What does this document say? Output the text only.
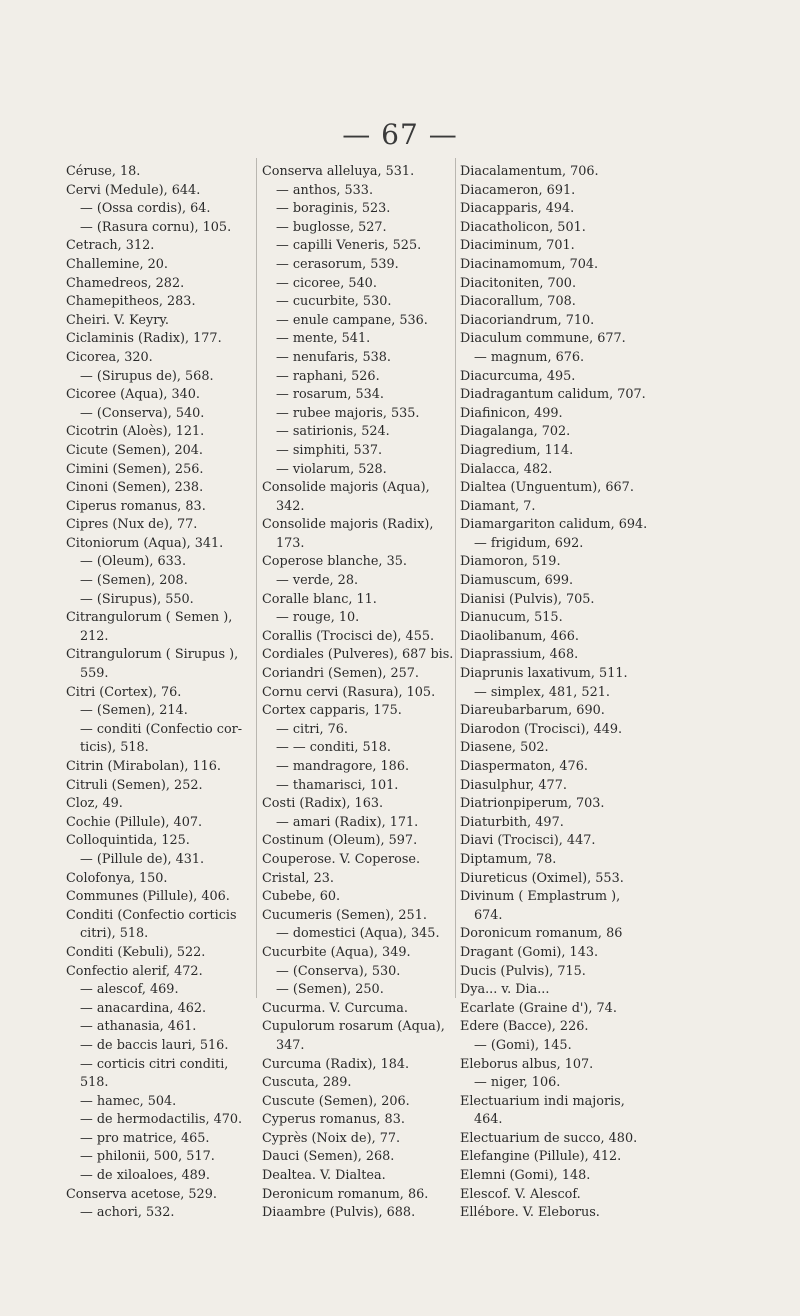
— 67 —
Céruse, 18.
Cervi (Medule), 644.
— (Ossa cordis), 64.
— (Rasura cornu), 105.
Cetrach, 312.
Challemine, 20.
Chamedreos, 282.
Chamepitheos, 283.
Cheiri. V. Keyry.
Ciclaminis (Radix), 177.
Cicorea, 320.
— (Sirupus de), 568.
Cicoree (Aqua), 340.
— (Conserva), 540.
Cicotrin (Aloès), 121.
Cicute (Semen), 204.
Cimini (Semen), 256.
Cinoni (Semen), 238.
Ciperus romanus, 83.
Cipres (Nux de), 77.
Citoniorum (Aqua), 341.
— (Oleum), 633.
— (Semen), 208.
— (Sirupus), 550.
Citrangulorum ( Semen ),
212.
Citrangulorum ( Sirupus ),
559.
Citri (Cortex), 76.
— (Semen), 214.
— conditi (Confectio cor-
ticis), 518.
Citrin (Mirabolan), 116.
Citruli (Semen), 252.
Cloz, 49.
Cochie (Pillule), 407.
Colloquintida, 125.
— (Pillule de), 431.
Colofonya, 150.
Communes (Pillule), 406.
Conditi (Confectio corticis
citri), 518.
Conditi (Kebuli), 522.
Confectio alerif, 472.
— alescof, 469.
— anacardina, 462.
— athanasia, 461.
— de baccis lauri, 516.
— corticis citri conditi,
518.
— hamec, 504.
— de hermodactilis, 470.
— pro matrice, 465.
— philonii, 500, 517.
— de xiloaloes, 489.
Conserva acetose, 529.
— achori, 532.
Conserva alleluya, 531.
— anthos, 533.
— boraginis, 523.
— buglosse, 527.
— capilli Veneris, 525.
— cerasorum, 539.
— cicoree, 540.
— cucurbite, 530.
— enule campane, 536.
— mente, 541.
— nenufaris, 538.
— raphani, 526.
— rosarum, 534.
— rubee majoris, 535.
— satirionis, 524.
— simphiti, 537.
— violarum, 528.
Consolide majoris (Aqua),
342.
Consolide majoris (Radix),
173.
Coperose blanche, 35.
— verde, 28.
Coralle blanc, 11.
— rouge, 10.
Corallis (Trocisci de), 455.
Cordiales (Pulveres), 687 bis.
Coriandri (Semen), 257.
Cornu cervi (Rasura), 105.
Cortex capparis, 175.
— citri, 76.
— — conditi, 518.
— mandragore, 186.
— thamarisci, 101.
Costi (Radix), 163.
— amari (Radix), 171.
Costinum (Oleum), 597.
Couperose. V. Coperose.
Cristal, 23.
Cubebe, 60.
Cucumeris (Semen), 251.
— domestici (Aqua), 345.
Cucurbite (Aqua), 349.
— (Conserva), 530.
— (Semen), 250.
Cucurma. V. Curcuma.
Cupulorum rosarum (Aqua),
347.
Curcuma (Radix), 184.
Cuscuta, 289.
Cuscute (Semen), 206.
Cyperus romanus, 83.
Cyprès (Noix de), 77.
Dauci (Semen), 268.
Dealtea. V. Dialtea.
Deronicum romanum, 86.
Diaambre (Pulvis), 688.
Diacalamentum, 706.
Diacameron, 691.
Diacapparis, 494.
Diacatholicon, 501.
Diaciminum, 701.
Diacinamomum, 704.
Diacitoniten, 700.
Diacorallum, 708.
Diacoriandrum, 710.
Diaculum commune, 677.
— magnum, 676.
Diacurcuma, 495.
Diadragantum calidum, 707.
Diafinicon, 499.
Diagalanga, 702.
Diagredium, 114.
Dialacca, 482.
Dialtea (Unguentum), 667.
Diamant, 7.
Diamargariton calidum, 694.
— frigidum, 692.
Diamoron, 519.
Diamuscum, 699.
Dianisi (Pulvis), 705.
Dianucum, 515.
Diaolibanum, 466.
Diaprassium, 468.
Diaprunis laxativum, 511.
— simplex, 481, 521.
Diareubarbarum, 690.
Diarodon (Trocisci), 449.
Diasene, 502.
Diaspermaton, 476.
Diasulphur, 477.
Diatrionpiperum, 703.
Diaturbith, 497.
Diavi (Trocisci), 447.
Diptamum, 78.
Diureticus (Oximel), 553.
Divinum ( Emplastrum ),
674.
Doronicum romanum, 86
Dragant (Gomi), 143.
Ducis (Pulvis), 715.
Dya... v. Dia...
Ecarlate (Graine d'), 74.
Edere (Bacce), 226.
— (Gomi), 145.
Eleborus albus, 107.
— niger, 106.
Electuarium indi majoris,
464.
Electuarium de succo, 480.
Elefangine (Pillule), 412.
Elemni (Gomi), 148.
Elescof. V. Alescof.
Ellébore. V. Eleborus.
